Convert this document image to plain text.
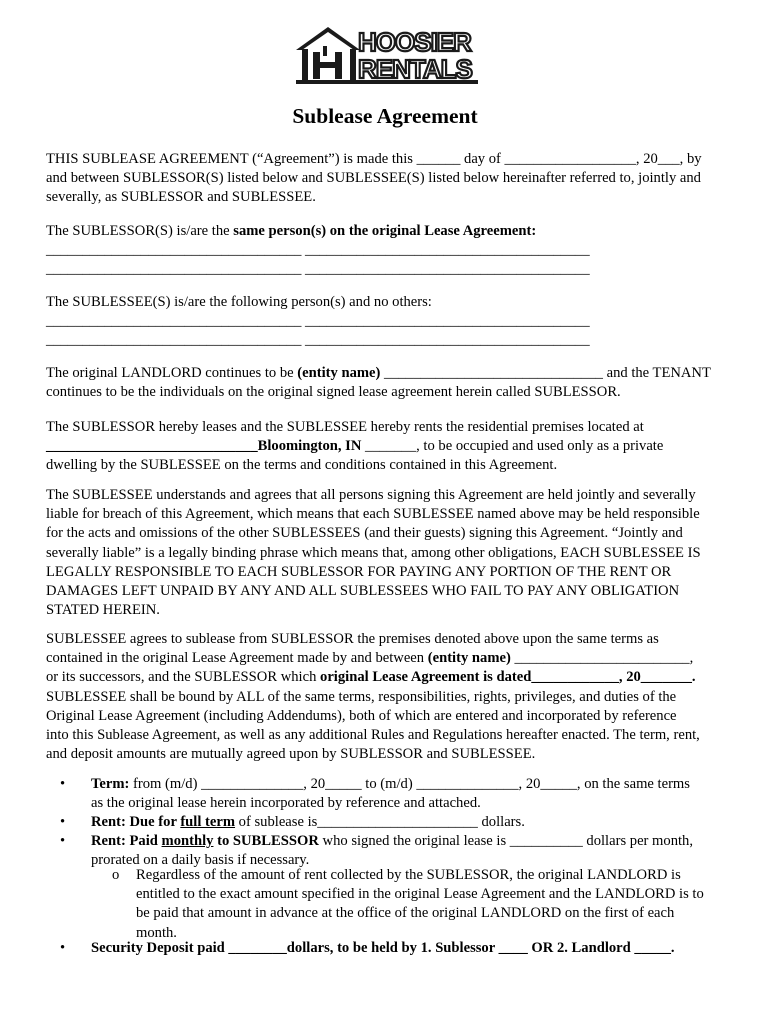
HOOSIER
RENTALS
Sublease Agreement
THIS SUBLEASE AGREEMENT (“Agreement”) is made this ______ day of __________________, 20___, by
and between SUBLESSOR(S) listed below and SUBLESSEE(S) listed below hereinafter referred to, jointly and
severally, as SUBLESSOR and SUBLESSEE.
The SUBLESSOR(S) is/are the same person(s) on the original Lease Agreement:
___________________________________ _______________________________________
___________________________________ _______________________________________
The SUBLESSEE(S) is/are the following person(s) and no others:
___________________________________ _______________________________________
___________________________________ _______________________________________
The original LANDLORD continues to be (entity name) ______________________________ and the TENANT
continues to be the individuals on the original signed lease agreement herein called SUBLESSOR.
The SUBLESSOR hereby leases and the SUBLESSEE hereby rents the residential premises located at
_____________________________Bloomington, IN _______, to be occupied and used only as a private
dwelling by the SUBLESSEE on the terms and conditions contained in this Agreement.
The SUBLESSEE understands and agrees that all persons signing this Agreement are held jointly and severally
liable for breach of this Agreement, which means that each SUBLESSEE named above may be held responsible
for the acts and omissions of the other SUBLESSEES (and their guests) signing this Agreement. “Jointly and
severally liable” is a legally binding phrase which means that, among other obligations, EACH SUBLESSEE IS
LEGALLY RESPONSIBLE TO EACH SUBLESSOR FOR PAYING ANY PORTION OF THE RENT OR
DAMAGES LEFT UNPAID BY ANY AND ALL SUBLESSEES WHO FAIL TO PAY ANY OBLIGATION
STATED HEREIN.
SUBLESSEE agrees to sublease from SUBLESSOR the premises denoted above upon the same terms as
contained in the original Lease Agreement made by and between (entity name) ________________________,
or its successors, and the SUBLESSOR which original Lease Agreement is dated____________, 20_______.
SUBLESSEE shall be bound by ALL of the same terms, responsibilities, rights, privileges, and duties of the
Original Lease Agreement (including Addendums), both of which are entered and incorporated by reference
into this Sublease Agreement, as well as any additional Rules and Regulations hereafter enacted. The term, rent,
and deposit amounts are mutually agreed upon by SUBLESSOR and SUBLESSEE.
•	Term: from (m/d) ______________, 20_____ to (m/d) ______________, 20_____, on the same terms
as the original lease herein incorporated by reference and attached.
•	Rent: Due for full term of sublease is______________________ dollars.
•	Rent: Paid monthly to SUBLESSOR who signed the original lease is __________ dollars per month,
prorated on a daily basis if necessary.
o Regardless of the amount of rent collected by the SUBLESSOR, the original LANDLORD is
entitled to the exact amount specified in the original Lease Agreement and the LANDLORD is to
be paid that amount in advance at the office of the original LANDLORD on the first of each
month.
•	Security Deposit paid ________dollars, to be held by 1. Sublessor ____ OR 2. Landlord _____.
